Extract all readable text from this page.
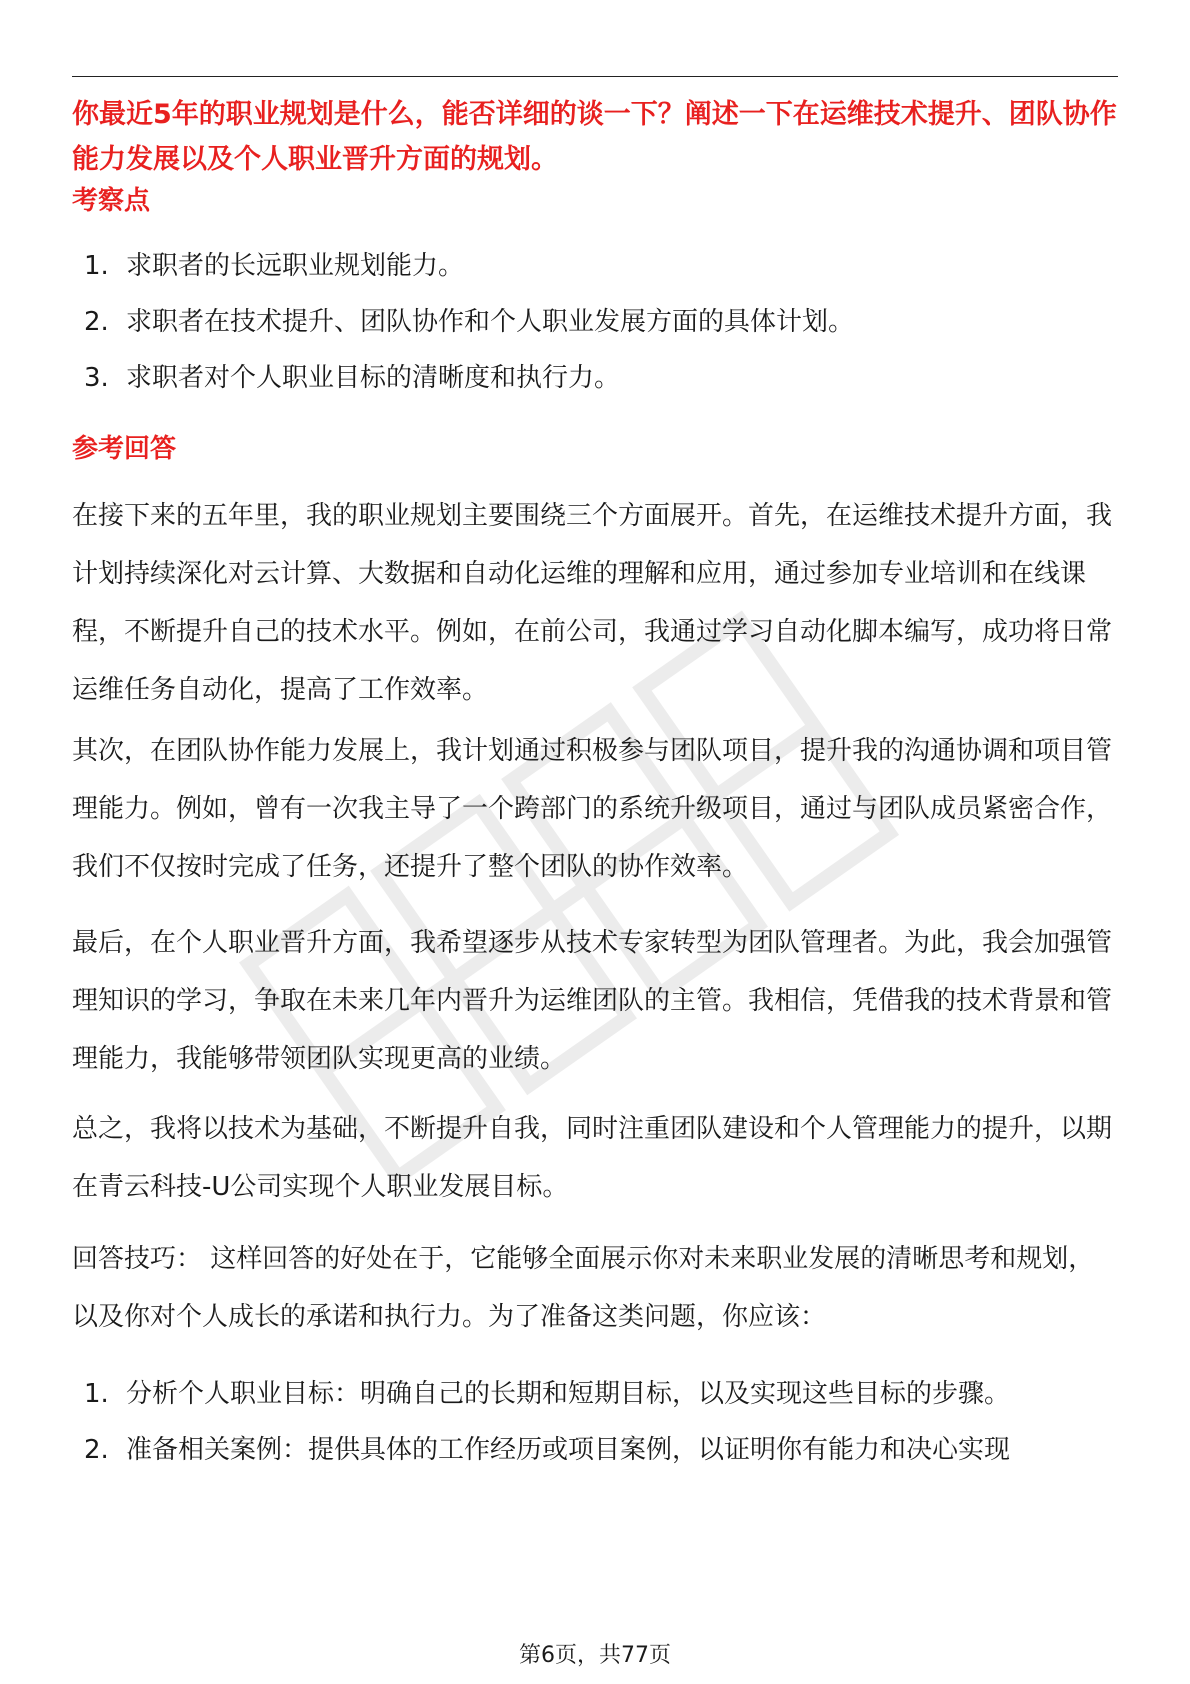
你最近5年的职业规划是什么，能否详细的谈一下？阐述一下在运维技术提升、团队协作能力发展以及个人职业晋升方面的规划。
考察点
1. 求职者的长远职业规划能力。
2. 求职者在技术提升、团队协作和个人职业发展方面的具体计划。
3. 求职者对个人职业目标的清晰度和执行力。
参考回答

在接下来的五年里，我的职业规划主要围绕三个方面展开。首先，在运维技术提升方面，我计划持续深化对云计算、大数据和自动化运维的理解和应用，通过参加专业培训和在线课程，不断提升自己的技术水平。例如，在前公司，我通过学习自动化脚本编写，成功将日常运维任务自动化，提高了工作效率。

其次，在团队协作能力发展上，我计划通过积极参与团队项目，提升我的沟通协调和项目管理能力。例如，曾有一次我主导了一个跨部门的系统升级项目，通过与团队成员紧密合作，我们不仅按时完成了任务，还提升了整个团队的协作效率。

最后，在个人职业晋升方面，我希望逐步从技术专家转型为团队管理者。为此，我会加强管理知识的学习，争取在未来几年内晋升为运维团队的主管。我相信，凭借我的技术背景和管理能力，我能够带领团队实现更高的业绩。

总之，我将以技术为基础，不断提升自我，同时注重团队建设和个人管理能力的提升，以期在青云科技-U公司实现个人职业发展目标。

回答技巧： 这样回答的好处在于，它能够全面展示你对未来职业发展的清晰思考和规划，以及你对个人成长的承诺和执行力。为了准备这类问题，你应该：

1. 分析个人职业目标：明确自己的长期和短期目标，以及实现这些目标的步骤。
2. 准备相关案例：提供具体的工作经历或项目案例，以证明你有能力和决心实现
第6页，共77页
